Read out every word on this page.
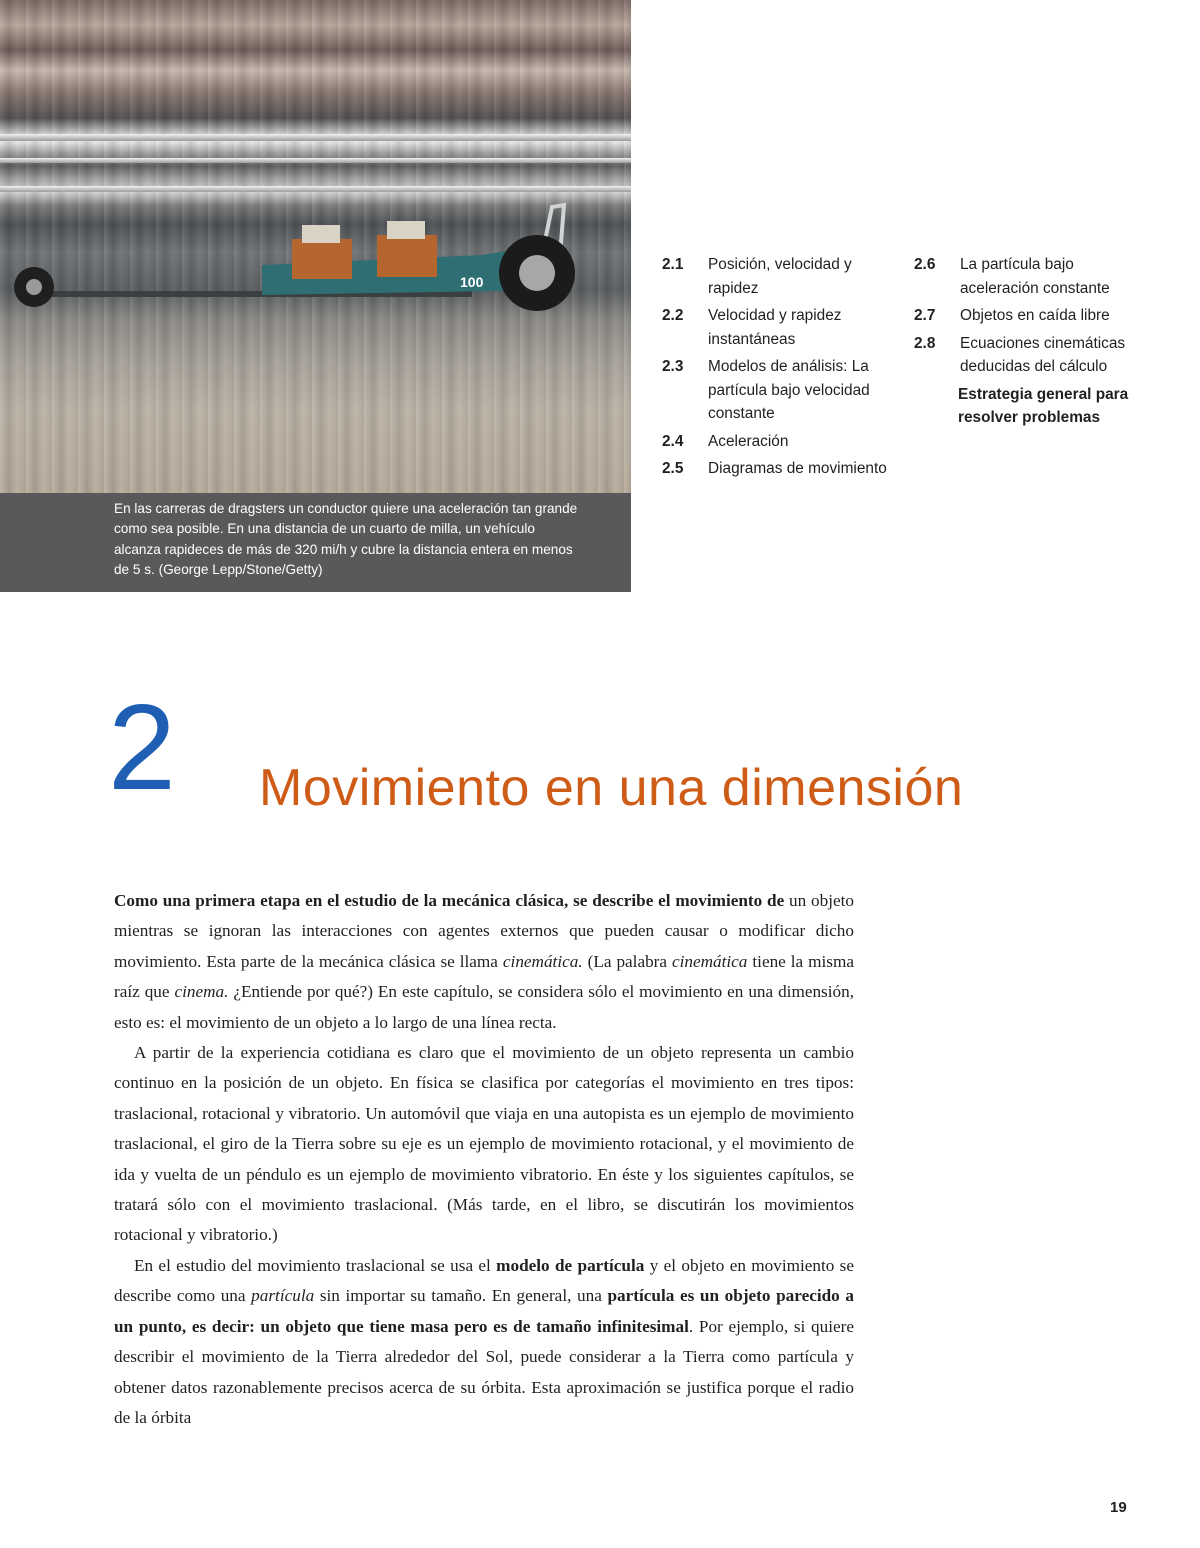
100

En las carreras de dragsters un conductor quiere una aceleración tan grande como sea posible. En una distancia de un cuarto de milla, un vehículo alcanza rapideces de más de 320 mi/h y cubre la distancia entera en menos de 5 s. (George Lepp/Stone/Getty)

2.1	Posición, velocidad y rapidez
2.2	Velocidad y rapidez instantáneas
2.3	Modelos de análisis: La partícula bajo velocidad constante
2.4	Aceleración
2.5	Diagramas de movimiento
2.6	La partícula bajo aceleración constante
2.7	Objetos en caída libre
2.8	Ecuaciones cinemáticas deducidas del cálculo

Estrategia general para resolver problemas

2 Movimiento en una dimensión

Como una primera etapa en el estudio de la mecánica clásica, se describe el movimiento de un objeto mientras se ignoran las interacciones con agentes externos que pueden causar o modificar dicho movimiento. Esta parte de la mecánica clásica se llama cinemática. (La palabra cinemática tiene la misma raíz que cinema. ¿Entiende por qué?) En este capítulo, se considera sólo el movimiento en una dimensión, esto es: el movimiento de un objeto a lo largo de una línea recta.

A partir de la experiencia cotidiana es claro que el movimiento de un objeto representa un cambio continuo en la posición de un objeto. En física se clasifica por categorías el movimiento en tres tipos: traslacional, rotacional y vibratorio. Un automóvil que viaja en una autopista es un ejemplo de movimiento traslacional, el giro de la Tierra sobre su eje es un ejemplo de movimiento rotacional, y el movimiento de ida y vuelta de un péndulo es un ejemplo de movimiento vibratorio. En éste y los siguientes capítulos, se tratará sólo con el movimiento traslacional. (Más tarde, en el libro, se discutirán los movimientos rotacional y vibratorio.)

En el estudio del movimiento traslacional se usa el modelo de partícula y el objeto en movimiento se describe como una partícula sin importar su tamaño. En general, una partícula es un objeto parecido a un punto, es decir: un objeto que tiene masa pero es de tamaño infinitesimal. Por ejemplo, si quiere describir el movimiento de la Tierra alrededor del Sol, puede considerar a la Tierra como partícula y obtener datos razonablemente precisos acerca de su órbita. Esta aproximación se justifica porque el radio de la órbita

19
